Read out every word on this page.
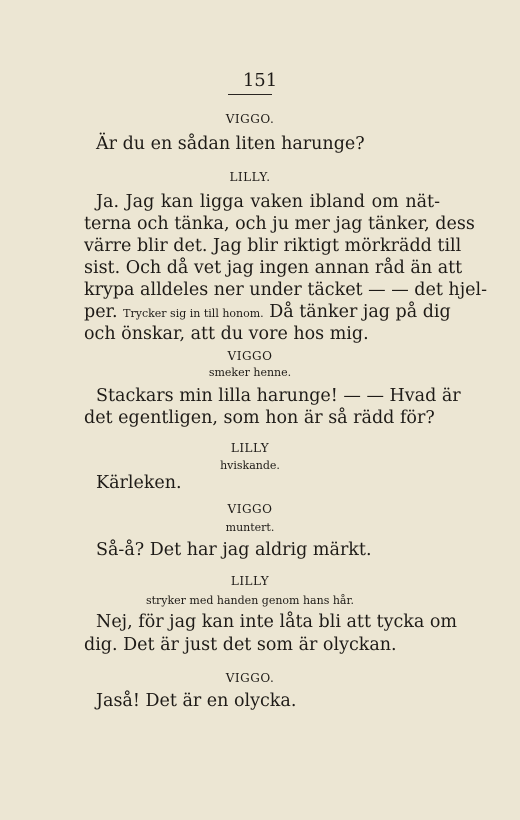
151
VIGGO.
Är du en sådan liten harunge?
LILLY.
Ja. Jag kan ligga vaken ibland om nät-
terna och tänka, och ju mer jag tänker, dess
värre blir det. Jag blir riktigt mörkrädd till
sist. Och då vet jag ingen annan råd än att
krypa alldeles ner under täcket — — det hjel-
per. Trycker sig in till honom. Då tänker jag på dig
och önskar, att du vore hos mig.
VIGGO
smeker henne.
Stackars min lilla harunge! — — Hvad är
det egentligen, som hon är så rädd för?
LILLY
hviskande.
Kärleken.
VIGGO
muntert.
Så-å? Det har jag aldrig märkt.
LILLY
stryker med handen genom hans hår.
Nej, för jag kan inte låta bli att tycka om
dig. Det är just det som är olyckan.
VIGGO.
Jaså! Det är en olycka.
